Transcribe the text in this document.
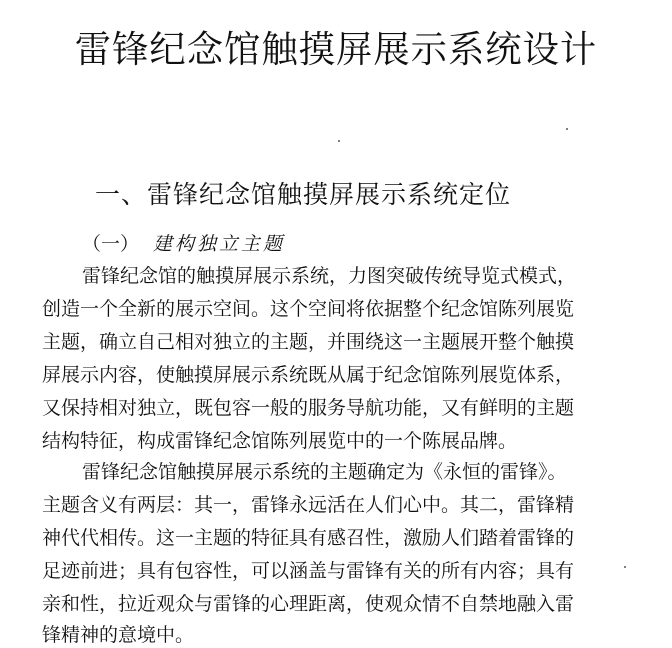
雷锋纪念馆触摸屏展示系统设计
一、雷锋纪念馆触摸屏展示系统定位
（一） 建构独立主题
雷锋纪念馆的触摸屏展示系统，力图突破传统导览式模式，
创造一个全新的展示空间。这个空间将依据整个纪念馆陈列展览
主题，确立自己相对独立的主题，并围绕这一主题展开整个触摸
屏展示内容，使触摸屏展示系统既从属于纪念馆陈列展览体系，
又保持相对独立，既包容一般的服务导航功能，又有鲜明的主题
结构特征，构成雷锋纪念馆陈列展览中的一个陈展品牌。
雷锋纪念馆触摸屏展示系统的主题确定为《永恒的雷锋》。
主题含义有两层：其一，雷锋永远活在人们心中。其二，雷锋精
神代代相传。这一主题的特征具有感召性，激励人们踏着雷锋的
足迹前进；具有包容性，可以涵盖与雷锋有关的所有内容；具有
亲和性，拉近观众与雷锋的心理距离，使观众情不自禁地融入雷
锋精神的意境中。
